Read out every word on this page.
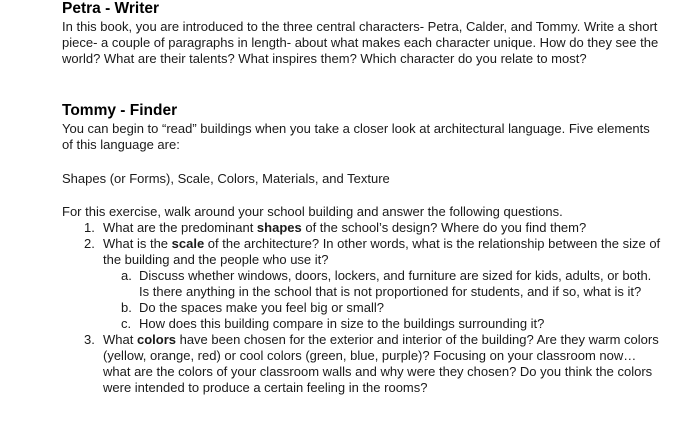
Petra - Writer

In this book, you are introduced to the three central characters- Petra, Calder, and Tommy. Write a short piece- a couple of paragraphs in length- about what makes each character unique. How do they see the world? What are their talents? What inspires them? Which character do you relate to most?

Tommy - Finder

You can begin to “read” buildings when you take a closer look at architectural language. Five elements of this language are:

Shapes (or Forms), Scale, Colors, Materials, and Texture

For this exercise, walk around your school building and answer the following questions.

1. What are the predominant shapes of the school’s design? Where do you find them?
2. What is the scale of the architecture? In other words, what is the relationship between the size of the building and the people who use it?
a. Discuss whether windows, doors, lockers, and furniture are sized for kids, adults, or both. Is there anything in the school that is not proportioned for students, and if so, what is it?
b. Do the spaces make you feel big or small?
c. How does this building compare in size to the buildings surrounding it?
3. What colors have been chosen for the exterior and interior of the building? Are they warm colors (yellow, orange, red) or cool colors (green, blue, purple)? Focusing on your classroom now… what are the colors of your classroom walls and why were they chosen? Do you think the colors were intended to produce a certain feeling in the rooms?
